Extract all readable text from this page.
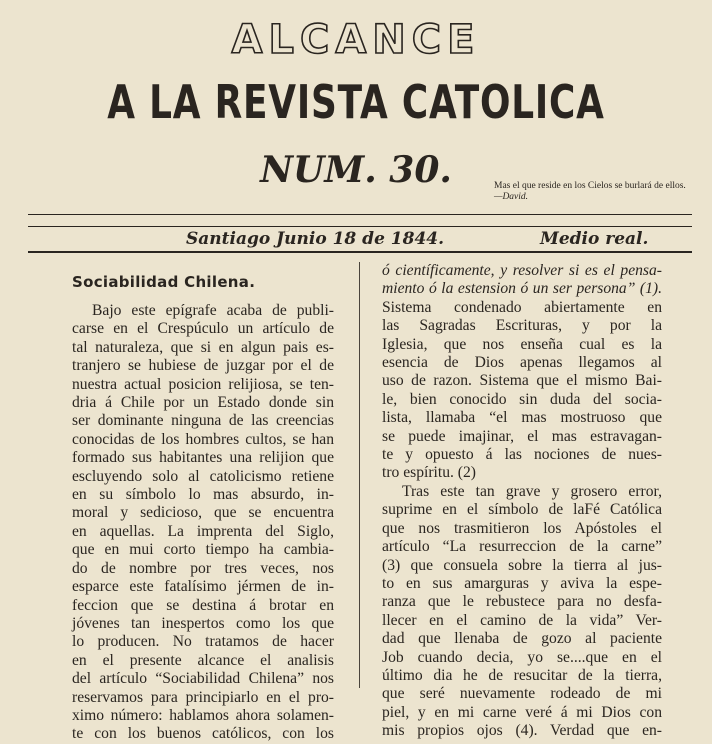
ALCANCE
A LA REVISTA CATOLICA
NUM. 30.	Mas el que reside en los Cielos se burlará de ellos. —David.
Santiago Junio 18 de 1844.	Medio real.
Sociabilidad Chilena.
Bajo este epígrafe acaba de publi-
carse en el Crespúculo un artículo de
tal naturaleza, que si en algun pais es-
tranjero se hubiese de juzgar por el de
nuestra actual posicion relijiosa, se ten-
dria á Chile por un Estado donde sin
ser dominante ninguna de las creencias
conocidas de los hombres cultos, se han
formado sus habitantes una relijion que
escluyendo solo al catolicismo retiene
en su símbolo lo mas absurdo, in-
moral y sedicioso, que se encuentra
en aquellas. La imprenta del Siglo,
que en mui corto tiempo ha cambia-
do de nombre por tres veces, nos
esparce este fatalísimo jérmen de in-
feccion que se destina á brotar en
jóvenes tan inespertos como los que
lo producen. No tratamos de hacer
en el presente alcance el analisis
del artículo “Sociabilidad Chilena” nos
reservamos para principiarlo en el pro-
ximo número: hablamos ahora solamen-
te con los buenos católicos, con los
ó científicamente, y resolver si es el pensa-
miento ó la estension ó un ser persona” (1).
Sistema condenado abiertamente en
las Sagradas Escrituras, y por la
Iglesia, que nos enseña cual es la
esencia de Dios apenas llegamos al
uso de razon. Sistema que el mismo Bai-
le, bien conocido sin duda del socia-
lista, llamaba “el mas mostruoso que
se puede imajinar, el mas estravagan-
te y opuesto á las nociones de nues-
tro espíritu. (2)
Tras este tan grave y grosero error,
suprime en el símbolo de laFé Católica
que nos trasmitieron los Apóstoles el
artículo “La resurreccion de la carne”
(3) que consuela sobre la tierra al jus-
to en sus amarguras y aviva la espe-
ranza que le rebustece para no desfa-
llecer en el camino de la vida” Ver-
dad que llenaba de gozo al paciente
Job cuando decia, yo se....que en el
último dia he de resucitar de la tierra,
que seré nuevamente rodeado de mi
piel, y en mi carne veré á mi Dios con
mis propios ojos (4). Verdad que en-
